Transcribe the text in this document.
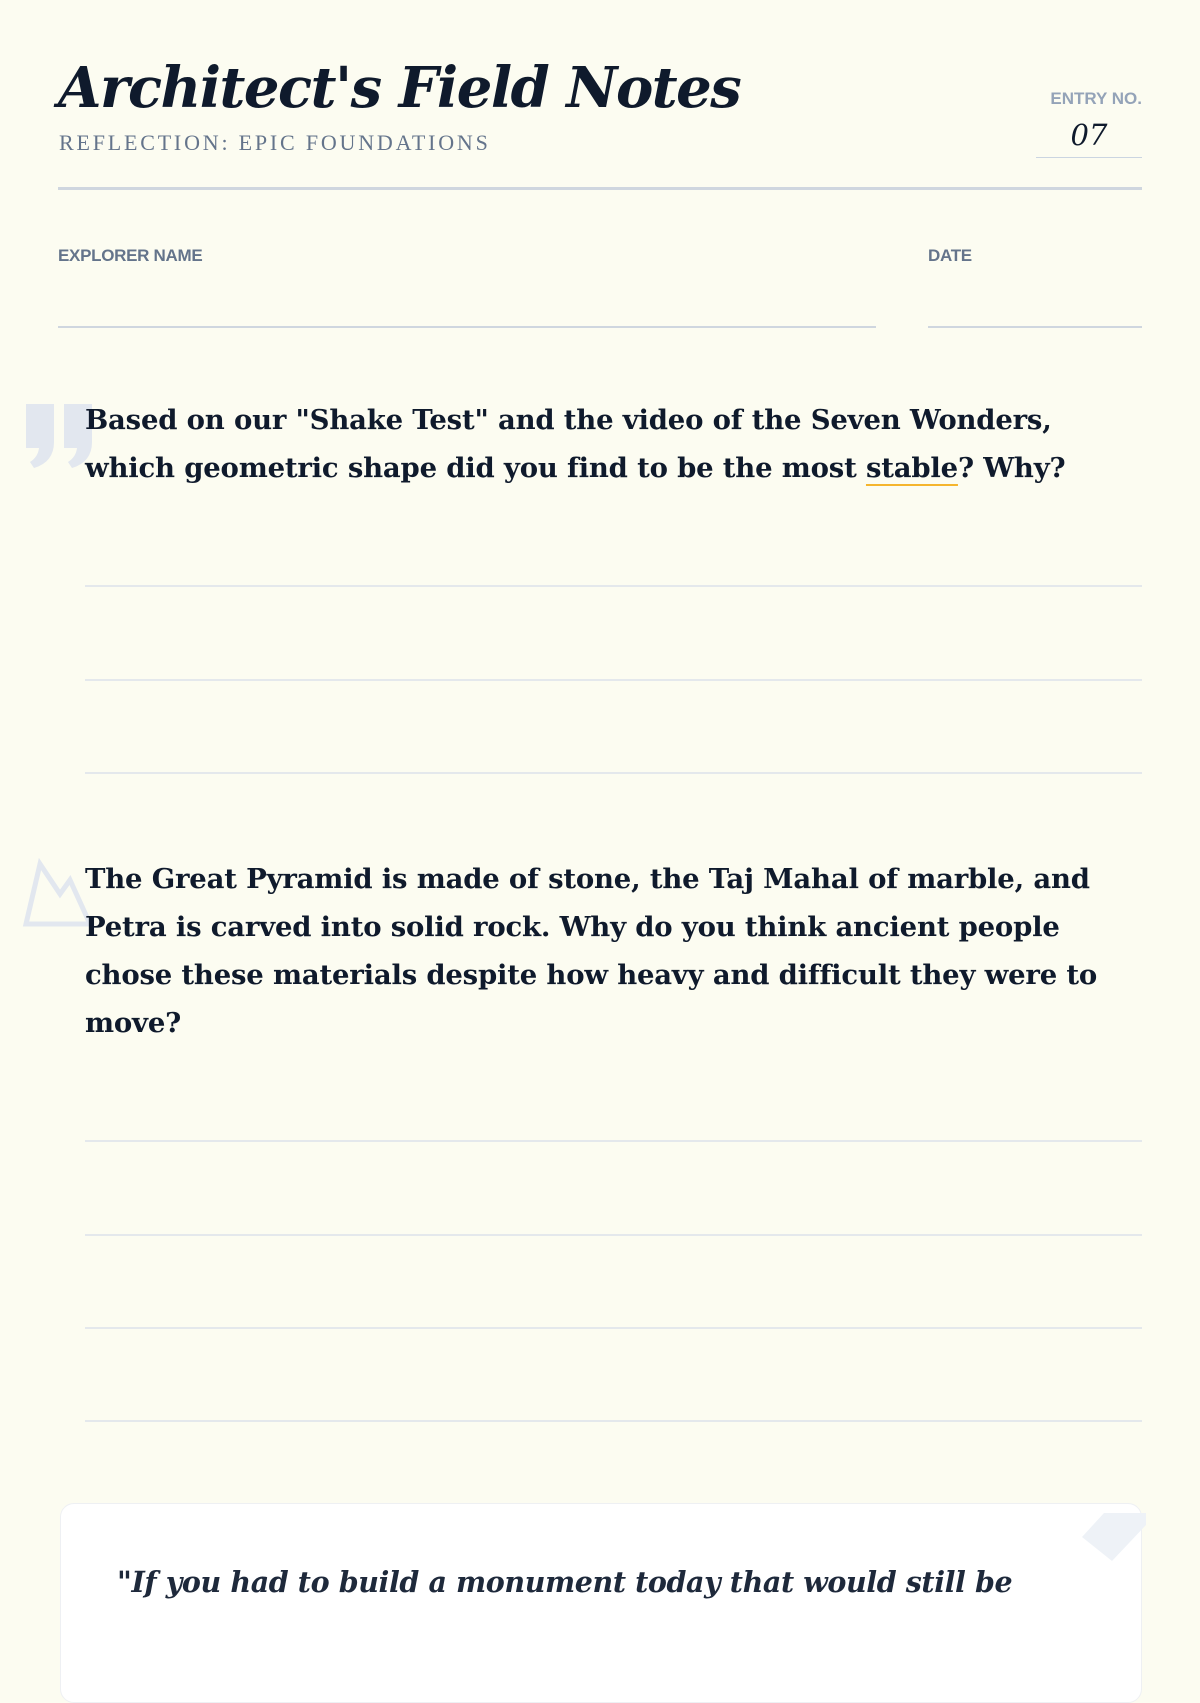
Architect's Field Notes
REFLECTION: EPIC FOUNDATIONS
ENTRY NO.
07
EXPLORER NAME	DATE

Based on our "Shake Test" and the video of the Seven Wonders, which geometric shape did you find to be the most stable? Why?

The Great Pyramid is made of stone, the Taj Mahal of marble, and Petra is carved into solid rock. Why do you think ancient people chose these materials despite how heavy and difficult they were to move?

"If you had to build a monument today that would still be
